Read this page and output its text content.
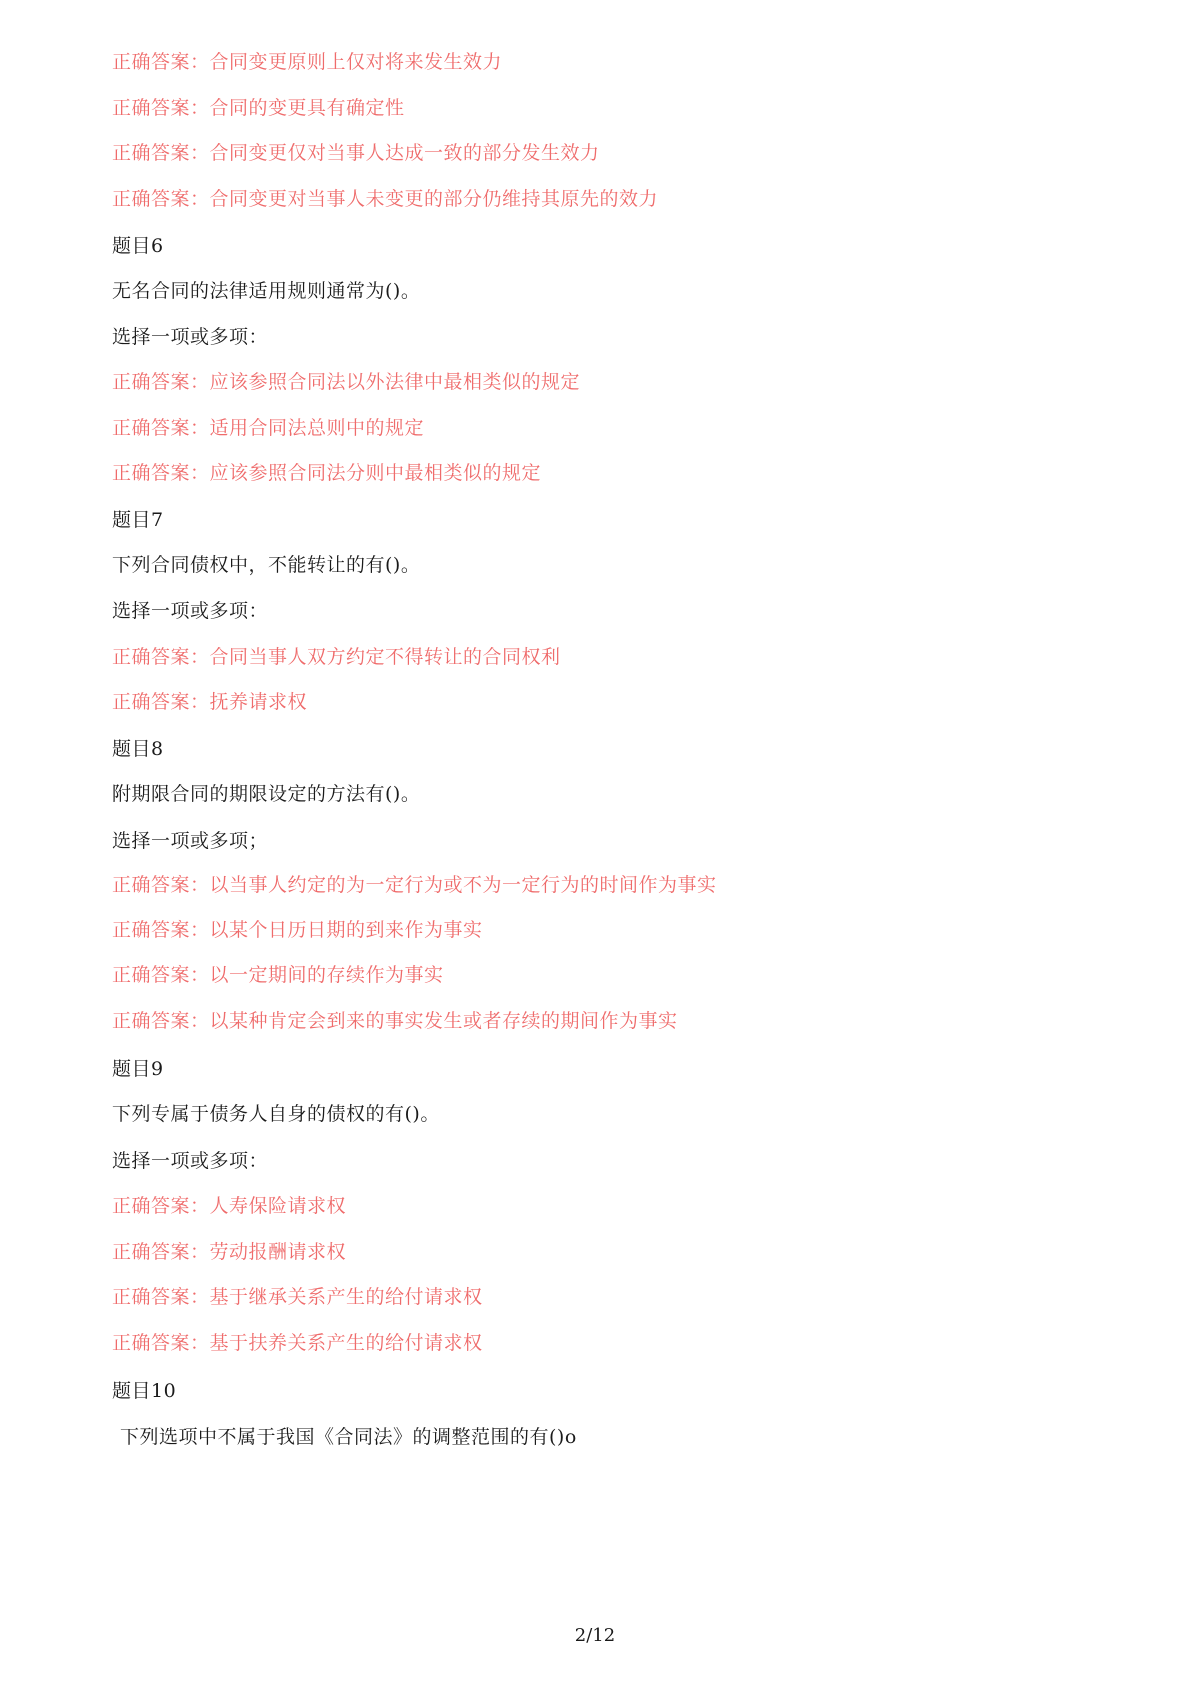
正确答案：合同变更原则上仅对将来发生效力
正确答案：合同的变更具有确定性
正确答案：合同变更仅对当事人达成一致的部分发生效力
正确答案：合同变更对当事人未变更的部分仍维持其原先的效力
题目6
无名合同的法律适用规则通常为()。
选择一项或多项：
正确答案：应该参照合同法以外法律中最相类似的规定
正确答案：适用合同法总则中的规定
正确答案：应该参照合同法分则中最相类似的规定
题目7
下列合同债权中，不能转让的有()。
选择一项或多项：
正确答案：合同当事人双方约定不得转让的合同权利
正确答案：抚养请求权
题目8
附期限合同的期限设定的方法有()。
选择一项或多项；
正确答案：以当事人约定的为一定行为或不为一定行为的时间作为事实
正确答案：以某个日历日期的到来作为事实
正确答案：以一定期间的存续作为事实
正确答案：以某种肯定会到来的事实发生或者存续的期间作为事实
题目9
下列专属于债务人自身的债权的有()。
选择一项或多项：
正确答案：人寿保险请求权
正确答案：劳动报酬请求权
正确答案：基于继承关系产生的给付请求权
正确答案：基于扶养关系产生的给付请求权
题目10
下列选项中不属于我国《合同法》的调整范围的有()o
2/12
